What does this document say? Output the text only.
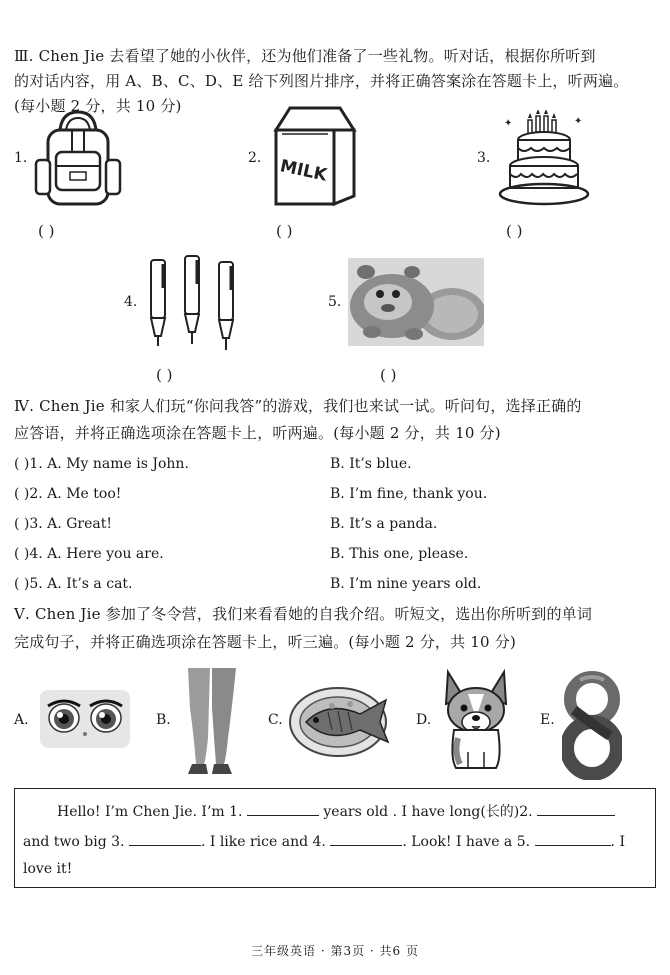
Ⅲ. Chen Jie 去看望了她的小伙伴，还为他们准备了一些礼物。听对话，根据你所听到

的对话内容，用 A、B、C、D、E 给下列图片排序，并将正确答案涂在答题卡上，听两遍。

(每小题 2 分，共 10 分)

1.
( )
2. MILK
( )
3.
✦	✦
( )
4.
( )
5.
( )

Ⅳ. Chen Jie 和家人们玩“你问我答”的游戏，我们也来试一试。听问句，选择正确的

应答语，并将正确选项涂在答题卡上，听两遍。(每小题 2 分，共 10 分)

( )1. A. My name is John.	B. It’s blue.
( )2. A. Me too!	B. I’m fine, thank you.
( )3. A. Great!	B. It’s a panda.
( )4. A. Here you are.	B. This one, please.
( )5. A. It’s a cat.	B. I’m nine years old.

Ⅴ. Chen Jie 参加了冬令营，我们来看看她的自我介绍。听短文，选出你所听到的单词

完成句子，并将正确选项涂在答题卡上，听三遍。(每小题 2 分，共 10 分)

A.	B.	C.	D.	E.
Hello! I’m Chen Jie. I’m 1.	years old . I have long(长的)2.
and two big 3.	. I like rice and 4.	. Look! I have a 5.	. I
love it!
三年级英语 · 第3页 · 共6 页
